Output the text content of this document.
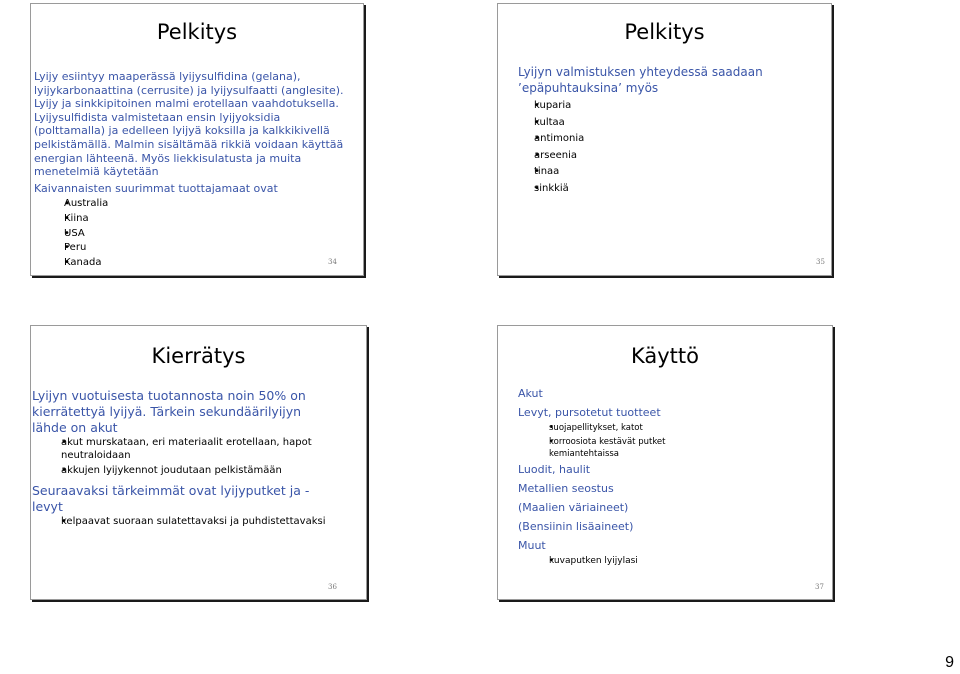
Pelkitys
Lyijy esiintyy maaperässä lyijysulfidina (gelana), lyijykarbonaattina (cerrusite) ja lyijysulfaatti (anglesite). Lyijy ja sinkkipitoinen malmi erotellaan vaahdotuksella. Lyijysulfidista valmistetaan ensin lyijyoksidia (polttamalla) ja edelleen lyijyä koksilla ja kalkkikivellä pelkistämällä. Malmin sisältämää rikkiä voidaan käyttää energian lähteenä. Myös liekkisulatusta ja muita menetelmiä käytetään
Kaivannaisten suurimmat tuottajamaat ovat
• Australia
• Kiina
• USA
• Peru
• Kanada	34
Pelkitys
Lyijyn valmistuksen yhteydessä saadaan
’epäpuhtauksina’ myös
• kuparia
• kultaa
• antimonia
• arseenia
• tinaa
• sinkkiä
35
Kierrätys
Lyijyn vuotuisesta tuotannosta noin 50% on
kierrätettyä lyijyä. Tärkein sekundäärilyijyn
lähde on akut
• akut murskataan, eri materiaalit erotellaan, hapot neutraloidaan
• akkujen lyijykennot joudutaan pelkistämään
Seuraavaksi tärkeimmät ovat lyijyputket ja -
levyt
• kelpaavat suoraan sulatettavaksi ja puhdistettavaksi
36
Käyttö
Akut
Levyt, pursotetut tuotteet
• suojapellitykset, katot
• korroosiota kestävät putket kemiantehtaissa
Luodit, haulit
Metallien seostus
(Maalien väriaineet)
(Bensiinin lisäaineet)
Muut
• kuvaputken lyijylasi
37
9
